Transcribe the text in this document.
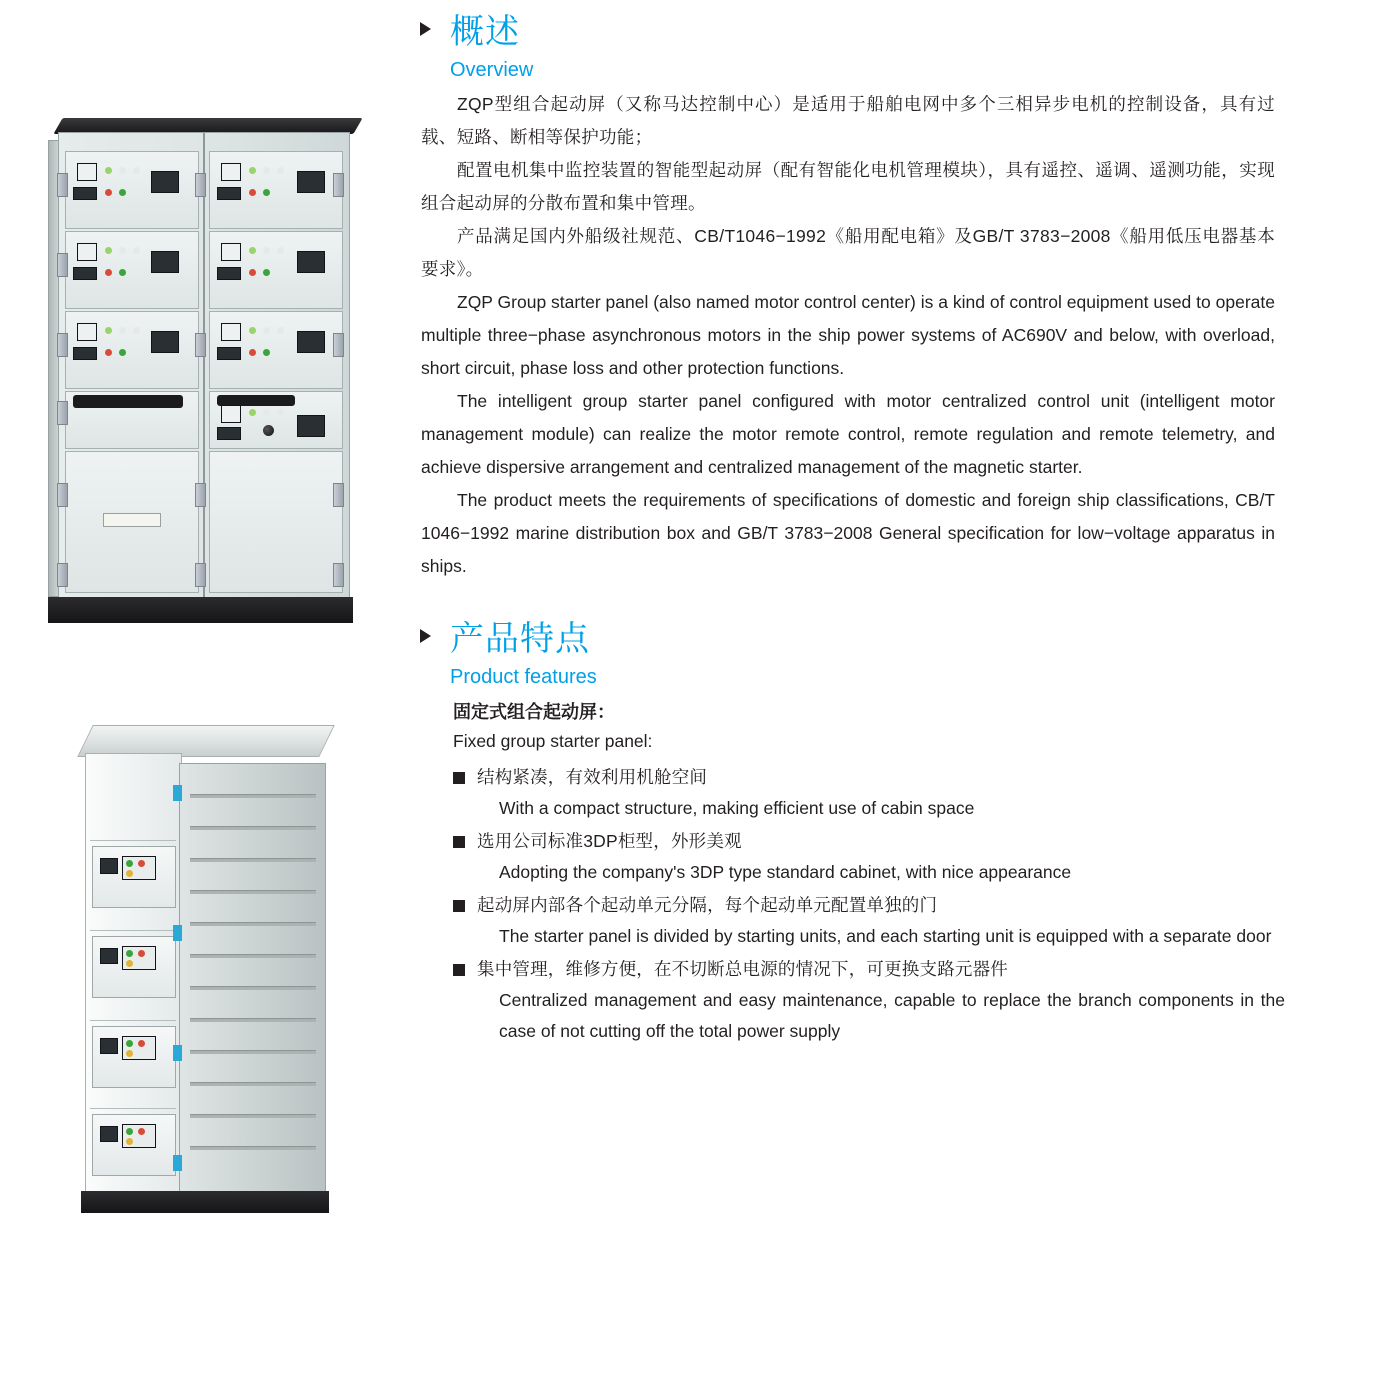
概述
Overview

ZQP型组合起动屏（又称马达控制中心）是适用于船舶电网中多个三相异步电机的控制设备，具有过载、短路、断相等保护功能；

配置电机集中监控装置的智能型起动屏（配有智能化电机管理模块），具有遥控、遥调、遥测功能，实现组合起动屏的分散布置和集中管理。

产品满足国内外船级社规范、CB/T1046−1992《船用配电箱》及GB/T 3783−2008《船用低压电器基本要求》。

ZQP Group starter panel (also named motor control center) is a kind of control equipment used to operate multiple three−phase asynchronous motors in the ship power systems of AC690V and below, with overload, short circuit, phase loss and other protection functions.

The intelligent group starter panel configured with motor centralized control unit (intelligent motor management module) can realize the motor remote control, remote regulation and remote telemetry, and achieve dispersive arrangement and centralized management of the magnetic starter.

The product meets the requirements of specifications of domestic and foreign ship classifications, CB/T 1046−1992 marine distribution box and GB/T 3783−2008 General specification for low−voltage apparatus in ships.

产品特点
Product features
固定式组合起动屏：
Fixed group starter panel:

结构紧凑，有效利用机舱空间

With a compact structure, making efficient use of cabin space

选用公司标准3DP柜型，外形美观

Adopting the company's 3DP type standard cabinet, with nice appearance

起动屏内部各个起动单元分隔，每个起动单元配置单独的门

The starter panel is divided by starting units, and each starting unit is equipped with a separate door

集中管理，维修方便，在不切断总电源的情况下，可更换支路元器件

Centralized management and easy maintenance, capable to replace the branch components in the case of not cutting off the total power supply
